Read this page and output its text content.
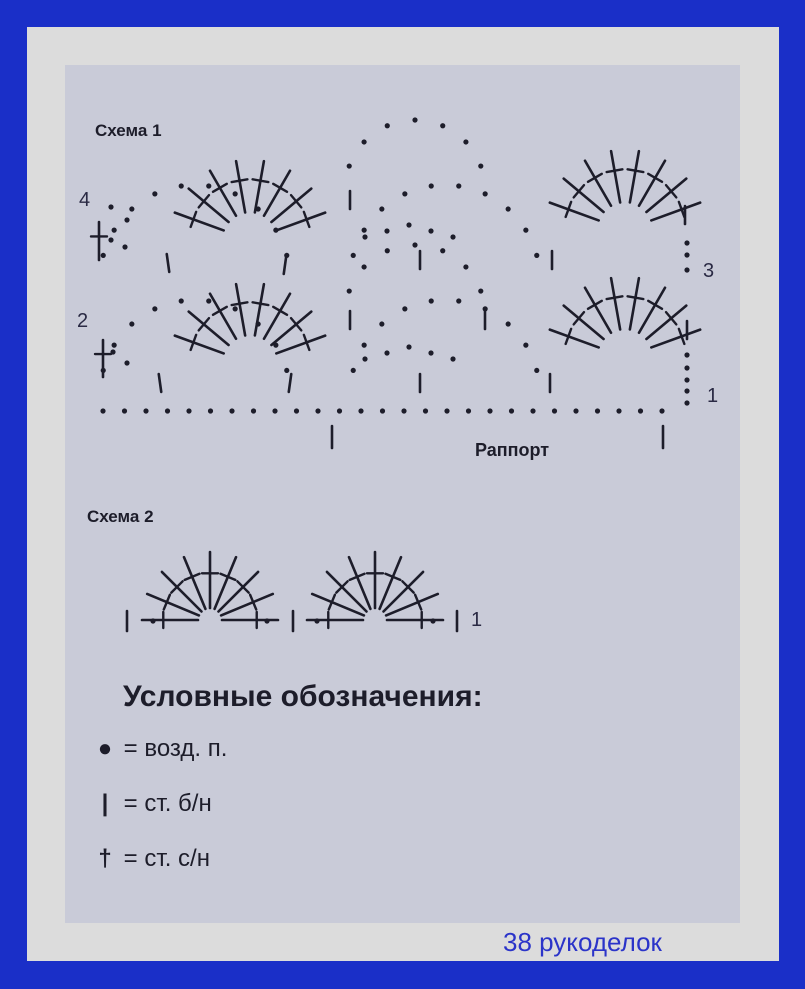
Схема 1
4
2
3
1
Раппорт
Схема 2
1
Условные обозначения:
● = возд. п.
| = ст. б/н
† = ст. с/н
38 рукоделок
